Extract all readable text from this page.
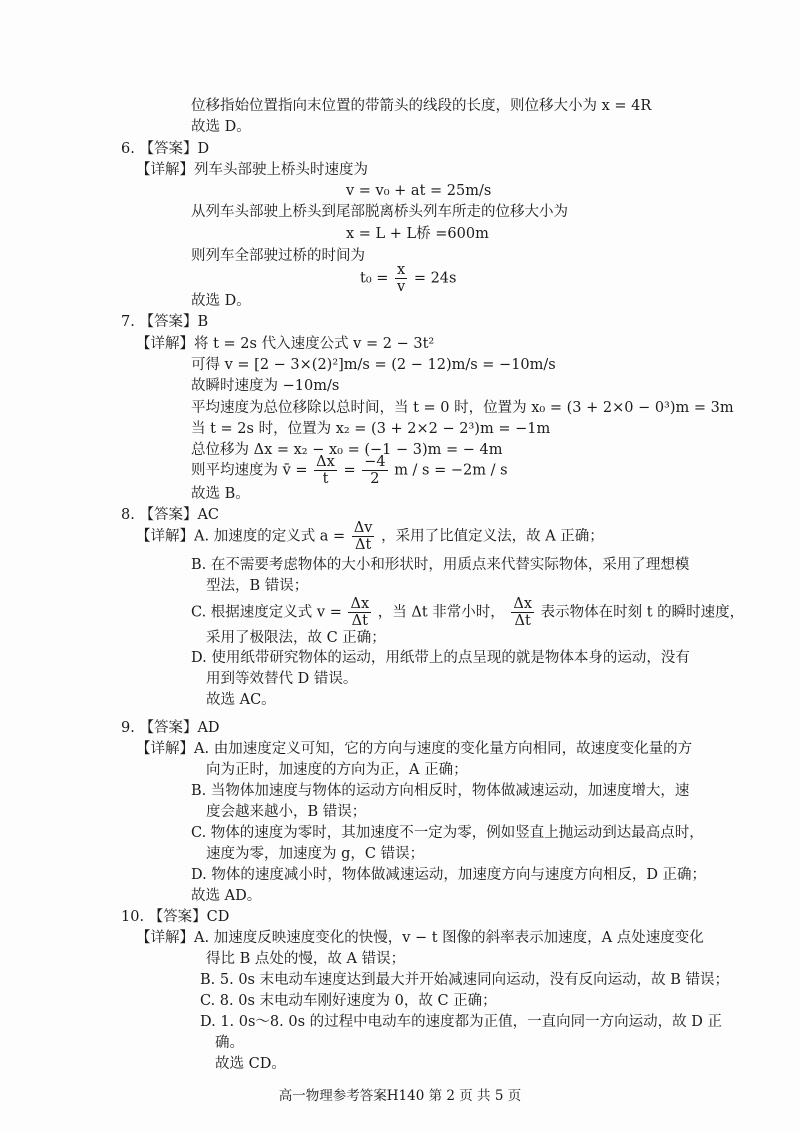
位移指始位置指向末位置的带箭头的线段的长度，则位移大小为 x = 4R
故选 D。
6. 【答案】D
【详解】列车头部驶上桥头时速度为
v = v₀ + at = 25m/s
从列车头部驶上桥头到尾部脱离桥头列车所走的位移大小为
x = L + L桥 =600m
则列车全部驶过桥的时间为
$t_0 = \frac{x}{v} = 24s$
故选 D。
7. 【答案】B
【详解】将 t = 2s 代入速度公式 v = 2 − 3t²
可得 v = [2 − 3×(2)²]m/s = (2 − 12)m/s = −10m/s
故瞬时速度为 −10m/s
平均速度为总位移除以总时间，当 t = 0 时，位置为 x₀ = (3 + 2×0 − 0³)m = 3m
当 t = 2s 时，位置为 x₂ = (3 + 2×2 − 2³)m = −1m
总位移为 Δx = x₂ − x₀ = (−1 − 3)m = − 4m
则平均速度为 v̄ = $\frac{\Delta x}{t} = \frac{-4}{2}$ m / s = −2m / s
故选 B。
8. 【答案】AC
【详解】A. 加速度的定义式 $a = \frac{\Delta v}{\Delta t}$ ，采用了比值定义法，故 A 正确；
B. 在不需要考虑物体的大小和形状时，用质点来代替实际物体，采用了理想模
型法，B 错误；
C. 根据速度定义式 $v = \frac{\Delta x}{\Delta t}$ ，当 Δt 非常小时， $\frac{\Delta x}{\Delta t}$ 表示物体在时刻 t 的瞬时速度，
采用了极限法，故 C 正确；
D. 使用纸带研究物体的运动，用纸带上的点呈现的就是物体本身的运动，没有
用到等效替代 D 错误。
故选 AC。
9. 【答案】AD
【详解】A. 由加速度定义可知，它的方向与速度的变化量方向相同，故速度变化量的方
向为正时，加速度的方向为正，A 正确；
B. 当物体加速度与物体的运动方向相反时，物体做减速运动，加速度增大，速
度会越来越小，B 错误；
C. 物体的速度为零时，其加速度不一定为零，例如竖直上抛运动到达最高点时，
速度为零，加速度为 g，C 错误；
D. 物体的速度减小时，物体做减速运动，加速度方向与速度方向相反，D 正确；
故选 AD。
10. 【答案】CD
【详解】A. 加速度反映速度变化的快慢，v − t 图像的斜率表示加速度，A 点处速度变化
得比 B 点处的慢，故 A 错误；
B. 5. 0s 末电动车速度达到最大并开始减速同向运动，没有反向运动，故 B 错误；
C. 8. 0s 末电动车刚好速度为 0，故 C 正确；
D. 1. 0s～8. 0s 的过程中电动车的速度都为正值，一直向同一方向运动，故 D 正
确。
故选 CD。
高一物理参考答案H140 第 2 页 共 5 页
